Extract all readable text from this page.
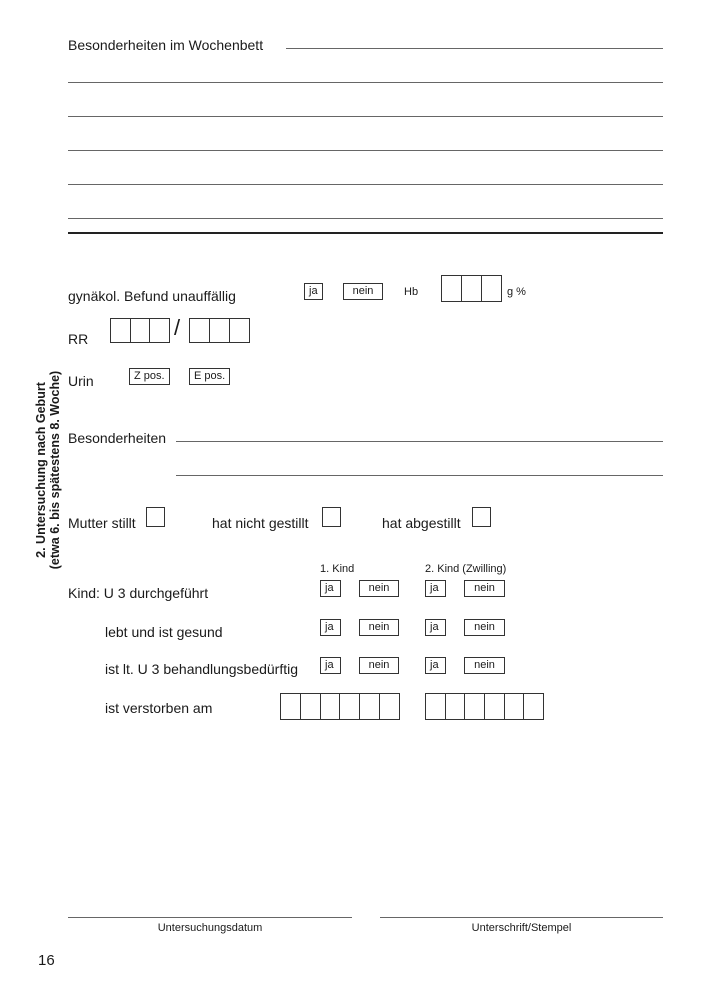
Besonderheiten im Wochenbett
2. Untersuchung nach Geburt (etwa 6. bis spätestens 8. Woche)
gynäkol. Befund unauffällig	ja	nein	Hb	g %
RR	/
Urin	Z pos.	E pos.
Besonderheiten
Mutter stillt	hat nicht gestillt	hat abgestillt
1. Kind	2. Kind (Zwilling)
Kind: U 3 durchgeführt	ja	nein	ja	nein
lebt und ist gesund	ja	nein	ja	nein
ist lt. U 3 behandlungsbedürftig	ja	nein	ja	nein
ist verstorben am
Untersuchungsdatum	Unterschrift/Stempel
16
